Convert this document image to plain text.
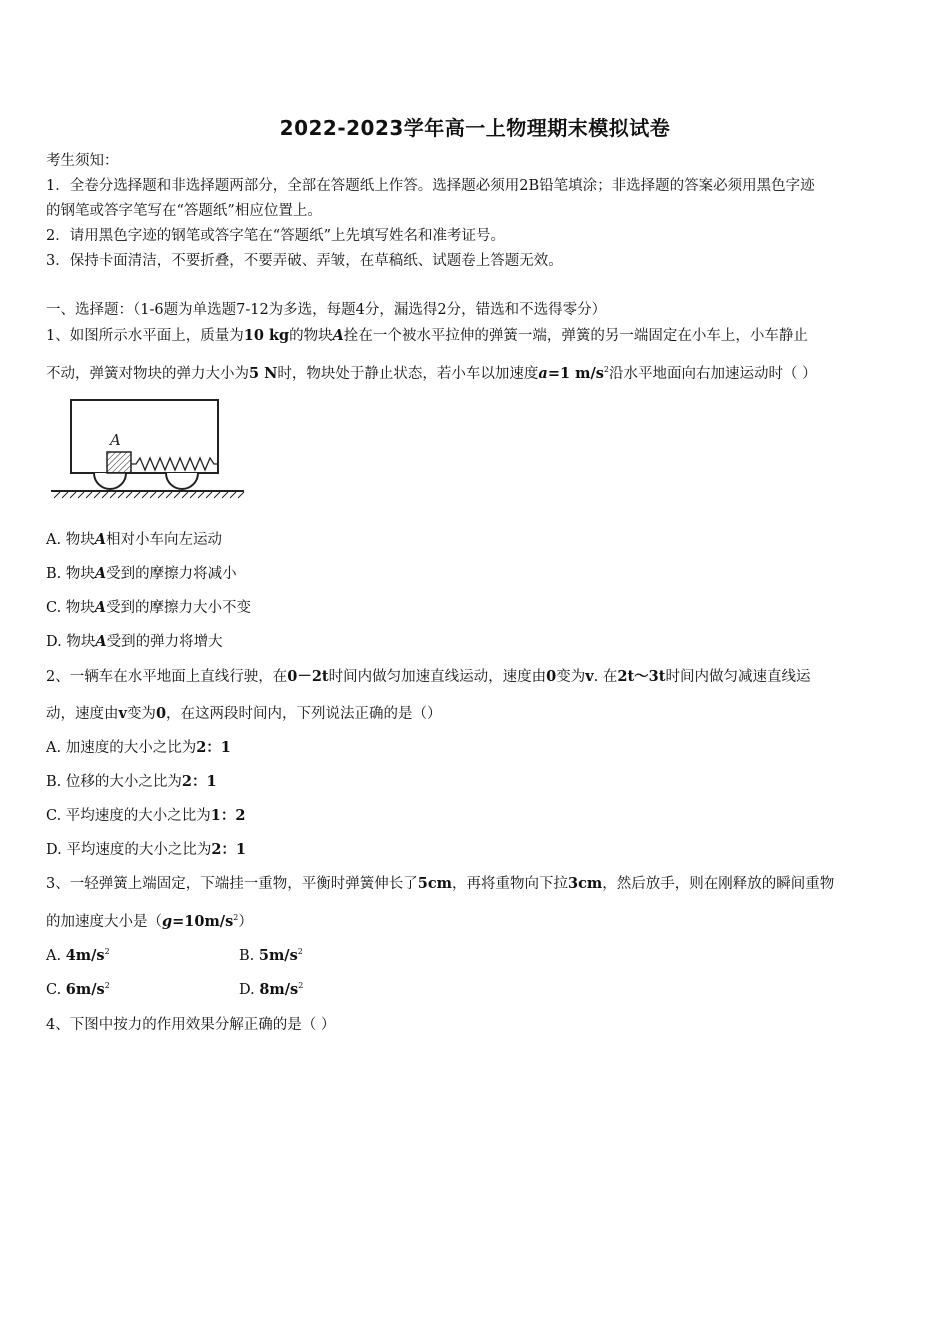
2022-2023学年高一上物理期末模拟试卷
考生须知：
1．全卷分选择题和非选择题两部分，全部在答题纸上作答。选择题必须用2B铅笔填涂；非选择题的答案必须用黑色字迹
的钢笔或答字笔写在“答题纸”相应位置上。
2．请用黑色字迹的钢笔或答字笔在“答题纸”上先填写姓名和准考证号。
3．保持卡面清洁，不要折叠，不要弄破、弄皱，在草稿纸、试题卷上答题无效。
一、选择题：（1-6题为单选题7-12为多选，每题4分，漏选得2分，错选和不选得零分）
1、如图所示水平面上，质量为10 kg的物块A拴在一个被水平拉伸的弹簧一端，弹簧的另一端固定在小车上，小车静止
不动，弹簧对物块的弹力大小为5 N时，物块处于静止状态，若小车以加速度a=1 $m/s^2$沿水平地面向右加速运动时（ ）
A
A. 物块A相对小车向左运动
B. 物块A受到的摩擦力将减小
C. 物块A受到的摩擦力大小不变
D. 物块A受到的弹力将增大
2、一辆车在水平地面上直线行驶，在0－2t时间内做匀加速直线运动，速度由0变为v. 在2t～3t时间内做匀减速直线运
动，速度由v变为0，在这两段时间内，下列说法正确的是（）
A. 加速度的大小之比为2：1
B. 位移的大小之比为2：1
C. 平均速度的大小之比为1：2
D. 平均速度的大小之比为2：1
3、一轻弹簧上端固定，下端挂一重物，平衡时弹簧伸长了5cm，再将重物向下拉3cm，然后放手，则在刚释放的瞬间重物
的加速度大小是$(g=10m/s^2)$
A. $4m/s^2$	B. $5m/s^2$
C. $6m/s^2$	D. $8m/s^2$
4、下图中按力的作用效果分解正确的是（ ）
